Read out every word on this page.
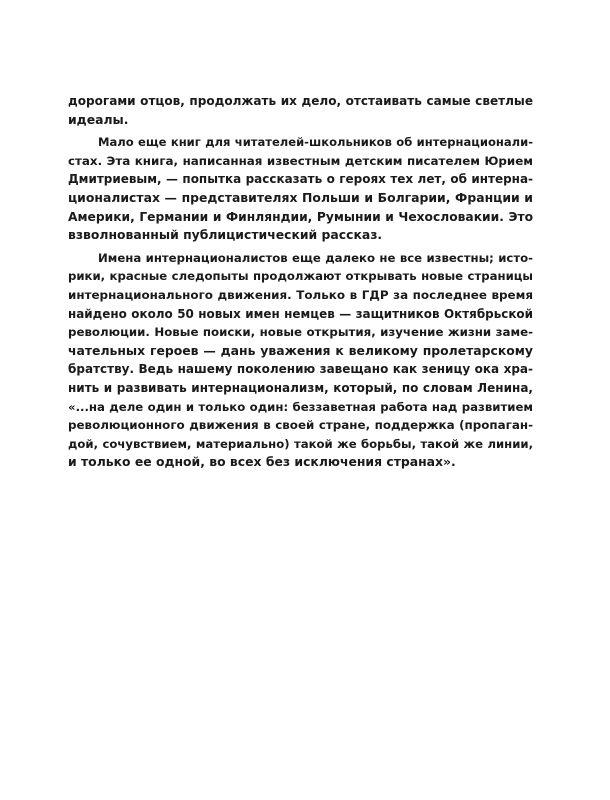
дорогами отцов, продолжать их дело, отстаивать самые светлые
идеалы.
Мало еще книг для читателей-школьников об интернационали-
стах. Эта книга, написанная известным детским писателем Юрием
Дмитриевым, — попытка рассказать о героях тех лет, об интерна-
ционалистах — представителях Польши и Болгарии, Франции и
Америки, Германии и Финляндии, Румынии и Чехословакии. Это
взволнованный публицистический рассказ.
Имена интернационалистов еще далеко не все известны; исто-
рики, красные следопыты продолжают открывать новые страницы
интернационального движения. Только в ГДР за последнее время
найдено около 50 новых имен немцев — защитников Октябрьской
революции. Новые поиски, новые открытия, изучение жизни заме-
чательных героев — дань уважения к великому пролетарскому
братству. Ведь нашему поколению завещано как зеницу ока хра-
нить и развивать интернационализм, который, по словам Ленина,
«...на деле один и только один: беззаветная работа над развитием
революционного движения в своей стране, поддержка (пропаган-
дой, сочувствием, материально) такой же борьбы, такой же линии,
и только ее одной, во всех без исключения странах».
